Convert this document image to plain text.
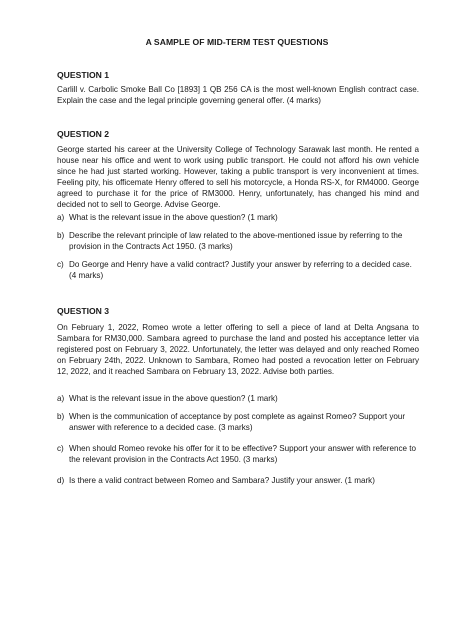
A SAMPLE OF MID-TERM TEST QUESTIONS
QUESTION 1
Carlill v. Carbolic Smoke Ball Co [1893] 1 QB 256 CA is the most well-known English contract case. Explain the case and the legal principle governing general offer. (4 marks)
QUESTION 2
George started his career at the University College of Technology Sarawak last month. He rented a house near his office and went to work using public transport. He could not afford his own vehicle since he had just started working. However, taking a public transport is very inconvenient at times. Feeling pity, his officemate Henry offered to sell his motorcycle, a Honda RS-X, for RM4000. George agreed to purchase it for the price of RM3000. Henry, unfortunately, has changed his mind and decided not to sell to George. Advise George.
a) What is the relevant issue in the above question? (1 mark)
b) Describe the relevant principle of law related to the above-mentioned issue by referring to the provision in the Contracts Act 1950. (3 marks)
c) Do George and Henry have a valid contract? Justify your answer by referring to a decided case. (4 marks)
QUESTION 3
On February 1, 2022, Romeo wrote a letter offering to sell a piece of land at Delta Angsana to Sambara for RM30,000. Sambara agreed to purchase the land and posted his acceptance letter via registered post on February 3, 2022. Unfortunately, the letter was delayed and only reached Romeo on February 24th, 2022. Unknown to Sambara, Romeo had posted a revocation letter on February 12, 2022, and it reached Sambara on February 13, 2022. Advise both parties.
a) What is the relevant issue in the above question? (1 mark)
b) When is the communication of acceptance by post complete as against Romeo? Support your answer with reference to a decided case. (3 marks)
c) When should Romeo revoke his offer for it to be effective? Support your answer with reference to the relevant provision in the Contracts Act 1950. (3 marks)
d) Is there a valid contract between Romeo and Sambara? Justify your answer. (1 mark)
